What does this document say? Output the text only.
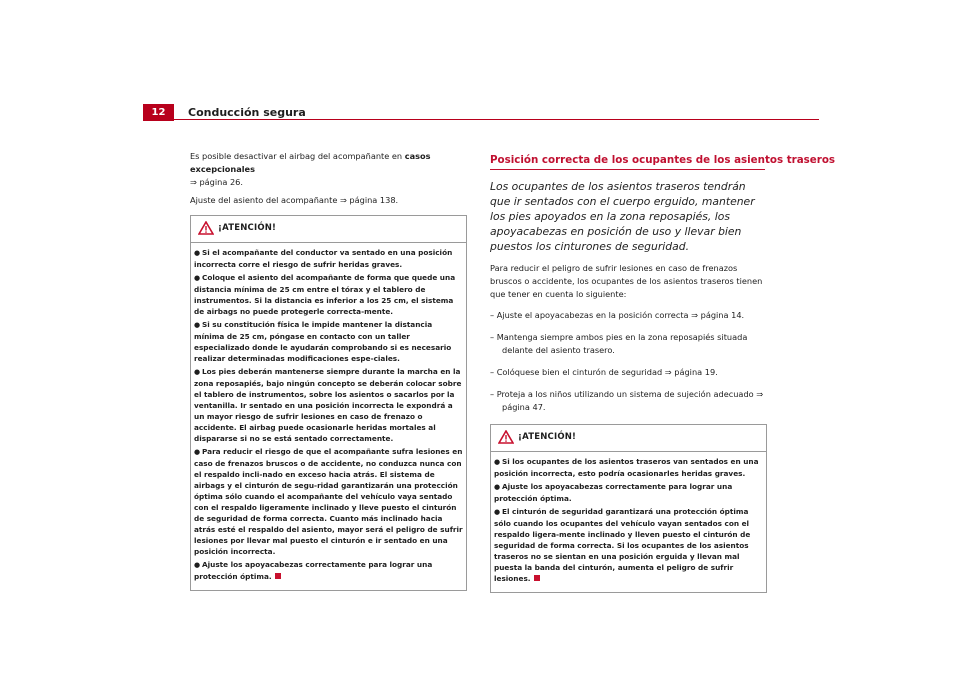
12	Conducción segura

Es posible desactivar el airbag del acompañante en casos excepcionales
⇒ página 26.

Ajuste del asiento del acompañante ⇒ página 138.

¡ATENCIÓN!
● Si el acompañante del conductor va sentado en una posición incorrecta corre el riesgo de sufrir heridas graves.
● Coloque el asiento del acompañante de forma que quede una distancia mínima de 25 cm entre el tórax y el tablero de instrumentos. Si la distancia es inferior a los 25 cm, el sistema de airbags no puede protegerle correcta-mente.
● Si su constitución física le impide mantener la distancia mínima de 25 cm, póngase en contacto con un taller especializado donde le ayudarán comprobando si es necesario realizar determinadas modificaciones espe-ciales.
● Los pies deberán mantenerse siempre durante la marcha en la zona reposapiés, bajo ningún concepto se deberán colocar sobre el tablero de instrumentos, sobre los asientos o sacarlos por la ventanilla. Ir sentado en una posición incorrecta le expondrá a un mayor riesgo de sufrir lesiones en caso de frenazo o accidente. El airbag puede ocasionarle heridas mortales al dispararse si no se está sentado correctamente.
● Para reducir el riesgo de que el acompañante sufra lesiones en caso de frenazos bruscos o de accidente, no conduzca nunca con el respaldo incli-nado en exceso hacia atrás. El sistema de airbags y el cinturón de segu-ridad garantizarán una protección óptima sólo cuando el acompañante del vehículo vaya sentado con el respaldo ligeramente inclinado y lleve puesto el cinturón de seguridad de forma correcta. Cuanto más inclinado hacia atrás esté el respaldo del asiento, mayor será el peligro de sufrir lesiones por llevar mal puesto el cinturón e ir sentado en una posición incorrecta.
● Ajuste los apoyacabezas correctamente para lograr una protección óptima.
Posición correcta de los ocupantes de los asientos traseros

Los ocupantes de los asientos traseros tendrán que ir sentados con el cuerpo erguido, mantener los pies apoyados en la zona reposapiés, los apoyacabezas en posición de uso y llevar bien puestos los cinturones de seguridad.

Para reducir el peligro de sufrir lesiones en caso de frenazos bruscos o accidente, los ocupantes de los asientos traseros tienen que tener en cuenta lo siguiente:

– Ajuste el apoyacabezas en la posición correcta ⇒ página 14.
– Mantenga siempre ambos pies en la zona reposapiés situada delante del asiento trasero.
– Colóquese bien el cinturón de seguridad ⇒ página 19.
– Proteja a los niños utilizando un sistema de sujeción adecuado ⇒ página 47.
¡ATENCIÓN!
● Si los ocupantes de los asientos traseros van sentados en una posición incorrecta, esto podría ocasionarles heridas graves.
● Ajuste los apoyacabezas correctamente para lograr una protección óptima.
● El cinturón de seguridad garantizará una protección óptima sólo cuando los ocupantes del vehículo vayan sentados con el respaldo ligera-mente inclinado y lleven puesto el cinturón de seguridad de forma correcta. Si los ocupantes de los asientos traseros no se sientan en una posición erguida y llevan mal puesta la banda del cinturón, aumenta el peligro de sufrir lesiones.
